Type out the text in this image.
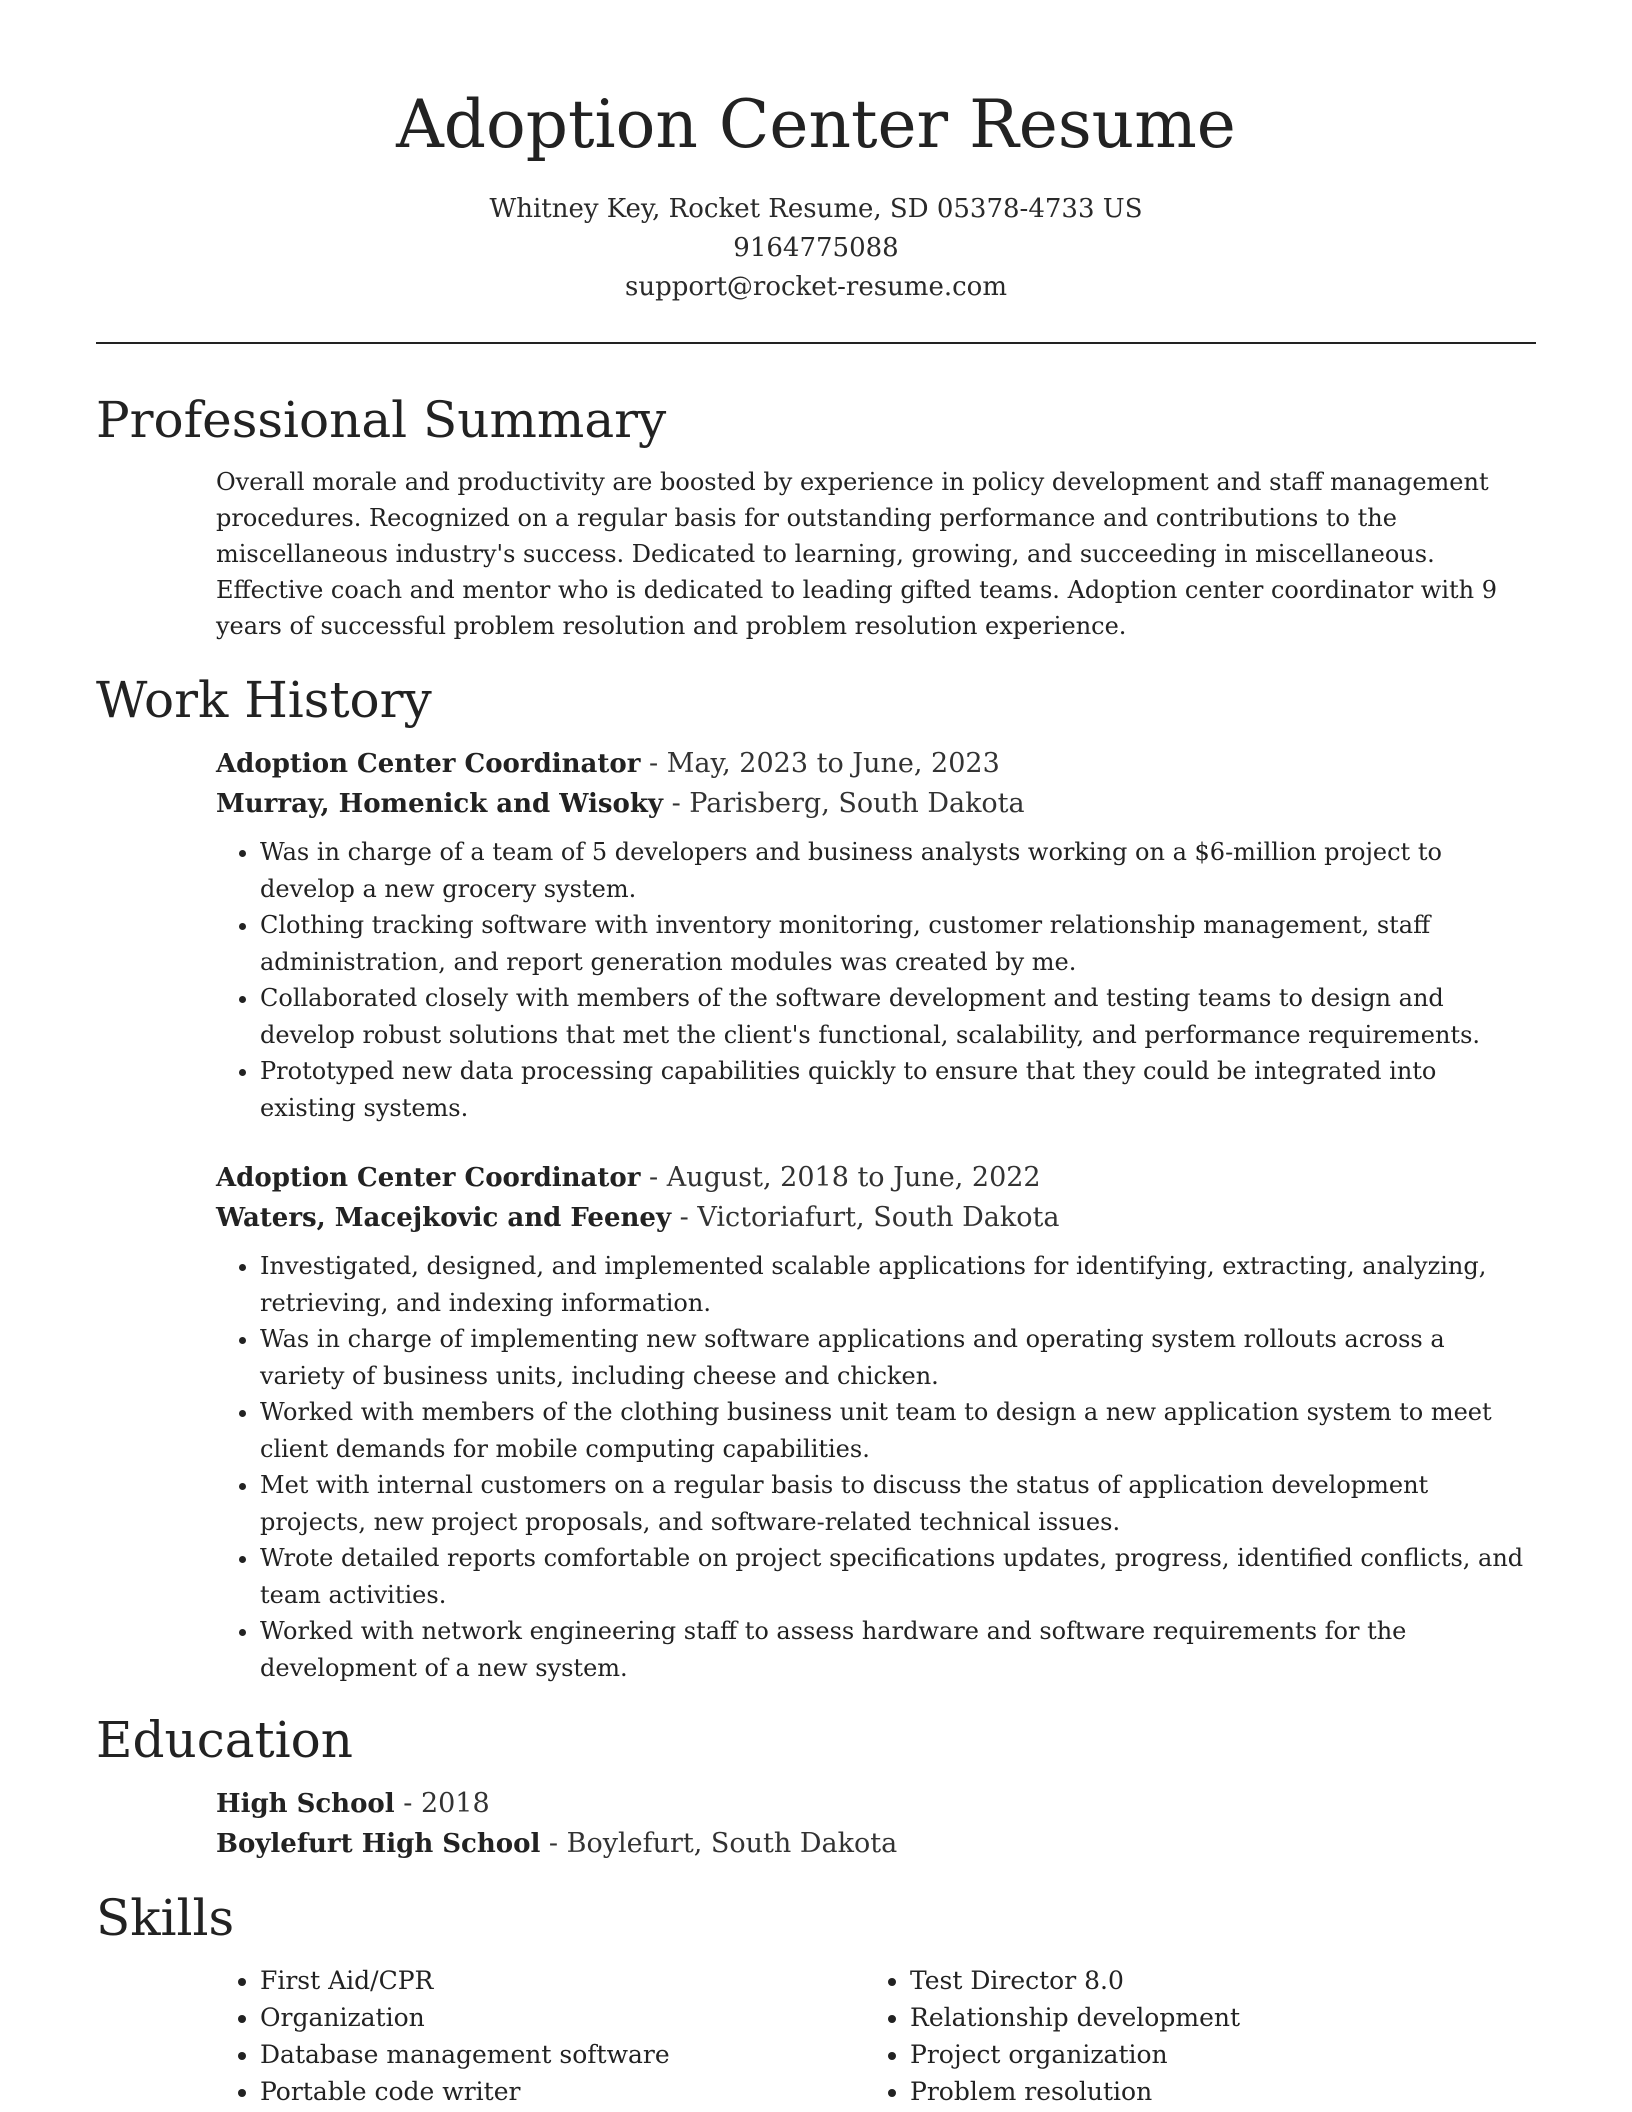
Adoption Center Resume
Whitney Key, Rocket Resume, SD 05378-4733 US
9164775088
support@rocket-resume.com
Professional Summary

Overall morale and productivity are boosted by experience in policy development and staff management procedures. Recognized on a regular basis for outstanding performance and contributions to the miscellaneous industry's success. Dedicated to learning, growing, and succeeding in miscellaneous. Effective coach and mentor who is dedicated to leading gifted teams. Adoption center coordinator with 9 years of successful problem resolution and problem resolution experience.

Work History
Adoption Center Coordinator - May, 2023 to June, 2023
Murray, Homenick and Wisoky - Parisberg, South Dakota
• Was in charge of a team of 5 developers and business analysts working on a $6-million project to develop a new grocery system.
• Clothing tracking software with inventory monitoring, customer relationship management, staff administration, and report generation modules was created by me.
• Collaborated closely with members of the software development and testing teams to design and develop robust solutions that met the client's functional, scalability, and performance requirements.
• Prototyped new data processing capabilities quickly to ensure that they could be integrated into existing systems.
Adoption Center Coordinator - August, 2018 to June, 2022
Waters, Macejkovic and Feeney - Victoriafurt, South Dakota
• Investigated, designed, and implemented scalable applications for identifying, extracting, analyzing, retrieving, and indexing information.
• Was in charge of implementing new software applications and operating system rollouts across a variety of business units, including cheese and chicken.
• Worked with members of the clothing business unit team to design a new application system to meet client demands for mobile computing capabilities.
• Met with internal customers on a regular basis to discuss the status of application development projects, new project proposals, and software-related technical issues.
• Wrote detailed reports comfortable on project specifications updates, progress, identified conflicts, and team activities.
• Worked with network engineering staff to assess hardware and software requirements for the development of a new system.
Education
High School - 2018
Boylefurt High School - Boylefurt, South Dakota
Skills
• First Aid/CPR
• Organization
• Database management software
• Portable code writer
• Test Director 8.0
• Relationship development
• Project organization
• Problem resolution
